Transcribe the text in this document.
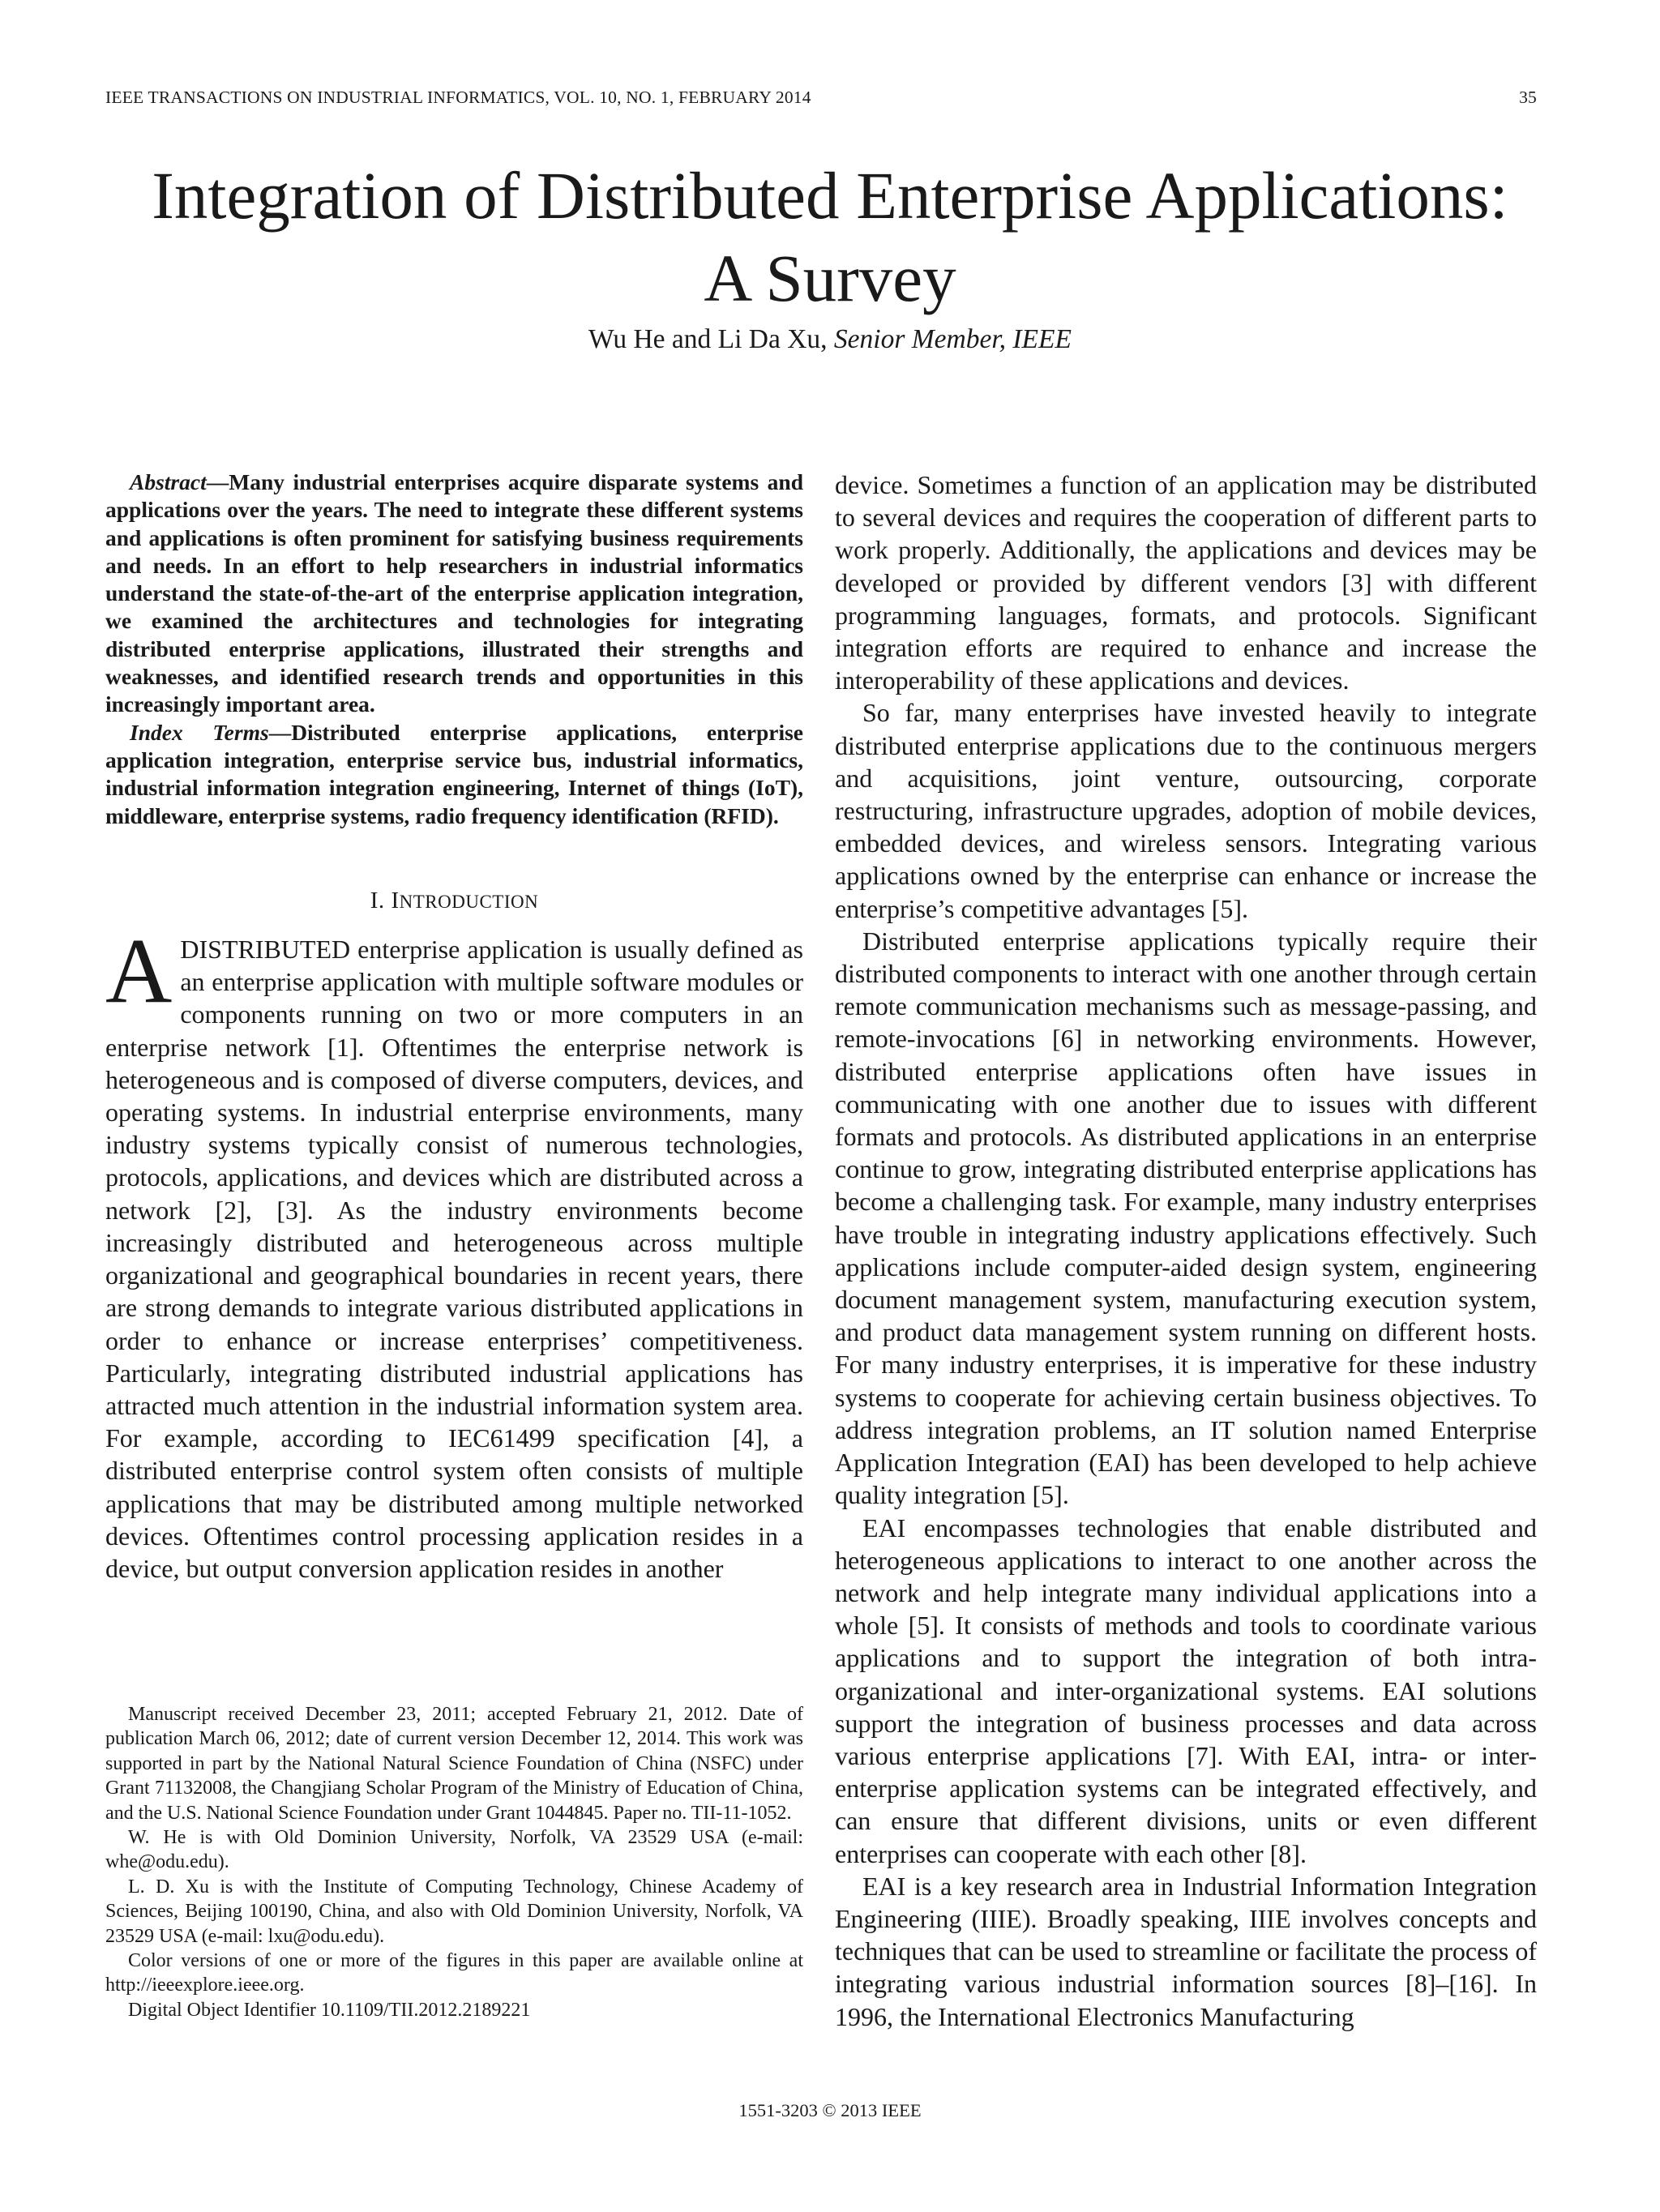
IEEE TRANSACTIONS ON INDUSTRIAL INFORMATICS, VOL. 10, NO. 1, FEBRUARY 2014	35
Integration of Distributed Enterprise Applications:
A Survey
Wu He and Li Da Xu, Senior Member, IEEE

Abstract—Many industrial enterprises acquire disparate systems and applications over the years. The need to integrate these different systems and applications is often prominent for satisfying business requirements and needs. In an effort to help researchers in industrial informatics understand the state-of-the-art of the enterprise application integration, we examined the architectures and technologies for integrating distributed enterprise applications, illustrated their strengths and weaknesses, and identified research trends and opportunities in this increasingly important area.

Index Terms—Distributed enterprise applications, enterprise application integration, enterprise service bus, industrial informatics, industrial information integration engineering, Internet of things (IoT), middleware, enterprise systems, radio frequency identification (RFID).

I. INTRODUCTION

ADISTRIBUTED enterprise application is usually defined as an enterprise application with multiple software modules or components running on two or more computers in an enterprise network [1]. Oftentimes the enterprise network is heterogeneous and is composed of diverse computers, devices, and operating systems. In industrial enterprise environments, many industry systems typically consist of numerous technologies, protocols, applications, and devices which are distributed across a network [2], [3]. As the industry environments become increasingly distributed and heterogeneous across multiple organizational and geographical boundaries in recent years, there are strong demands to integrate various distributed applications in order to enhance or increase enterprises’ competitiveness. Particularly, integrating distributed industrial applications has attracted much attention in the industrial information system area. For example, according to IEC61499 specification [4], a distributed enterprise control system often consists of multiple applications that may be distributed among multiple networked devices. Oftentimes control processing application resides in a device, but output conversion application resides in another

Manuscript received December 23, 2011; accepted February 21, 2012. Date of publication March 06, 2012; date of current version December 12, 2014. This work was supported in part by the National Natural Science Foundation of China (NSFC) under Grant 71132008, the Changjiang Scholar Program of the Ministry of Education of China, and the U.S. National Science Foundation under Grant 1044845. Paper no. TII-11-1052.

W. He is with Old Dominion University, Norfolk, VA 23529 USA (e-mail: whe@odu.edu).

L. D. Xu is with the Institute of Computing Technology, Chinese Academy of Sciences, Beijing 100190, China, and also with Old Dominion University, Norfolk, VA 23529 USA (e-mail: lxu@odu.edu).

Color versions of one or more of the figures in this paper are available online at http://ieeexplore.ieee.org.

Digital Object Identifier 10.1109/TII.2012.2189221

device. Sometimes a function of an application may be distributed to several devices and requires the cooperation of different parts to work properly. Additionally, the applications and devices may be developed or provided by different vendors [3] with different programming languages, formats, and protocols. Significant integration efforts are required to enhance and increase the interoperability of these applications and devices.

So far, many enterprises have invested heavily to integrate distributed enterprise applications due to the continuous mergers and acquisitions, joint venture, outsourcing, corporate restructuring, infrastructure upgrades, adoption of mobile devices, embedded devices, and wireless sensors. Integrating various applications owned by the enterprise can enhance or increase the enterprise’s competitive advantages [5].

Distributed enterprise applications typically require their distributed components to interact with one another through certain remote communication mechanisms such as message-passing, and remote-invocations [6] in networking environments. However, distributed enterprise applications often have issues in communicating with one another due to issues with different formats and protocols. As distributed applications in an enterprise continue to grow, integrating distributed enterprise applications has become a challenging task. For example, many industry enterprises have trouble in integrating industry applications effectively. Such applications include computer-aided design system, engineering document management system, manufacturing execution system, and product data management system running on different hosts. For many industry enterprises, it is imperative for these industry systems to cooperate for achieving certain business objectives. To address integration problems, an IT solution named Enterprise Application Integration (EAI) has been developed to help achieve quality integration [5].

EAI encompasses technologies that enable distributed and heterogeneous applications to interact to one another across the network and help integrate many individual applications into a whole [5]. It consists of methods and tools to coordinate various applications and to support the integration of both intra-organizational and inter-organizational systems. EAI solutions support the integration of business processes and data across various enterprise applications [7]. With EAI, intra- or inter-enterprise application systems can be integrated effectively, and can ensure that different divisions, units or even different enterprises can cooperate with each other [8].

EAI is a key research area in Industrial Information Integration Engineering (IIIE). Broadly speaking, IIIE involves concepts and techniques that can be used to streamline or facilitate the process of integrating various industrial information sources [8]–[16]. In 1996, the International Electronics Manufacturing

1551-3203 © 2013 IEEE
